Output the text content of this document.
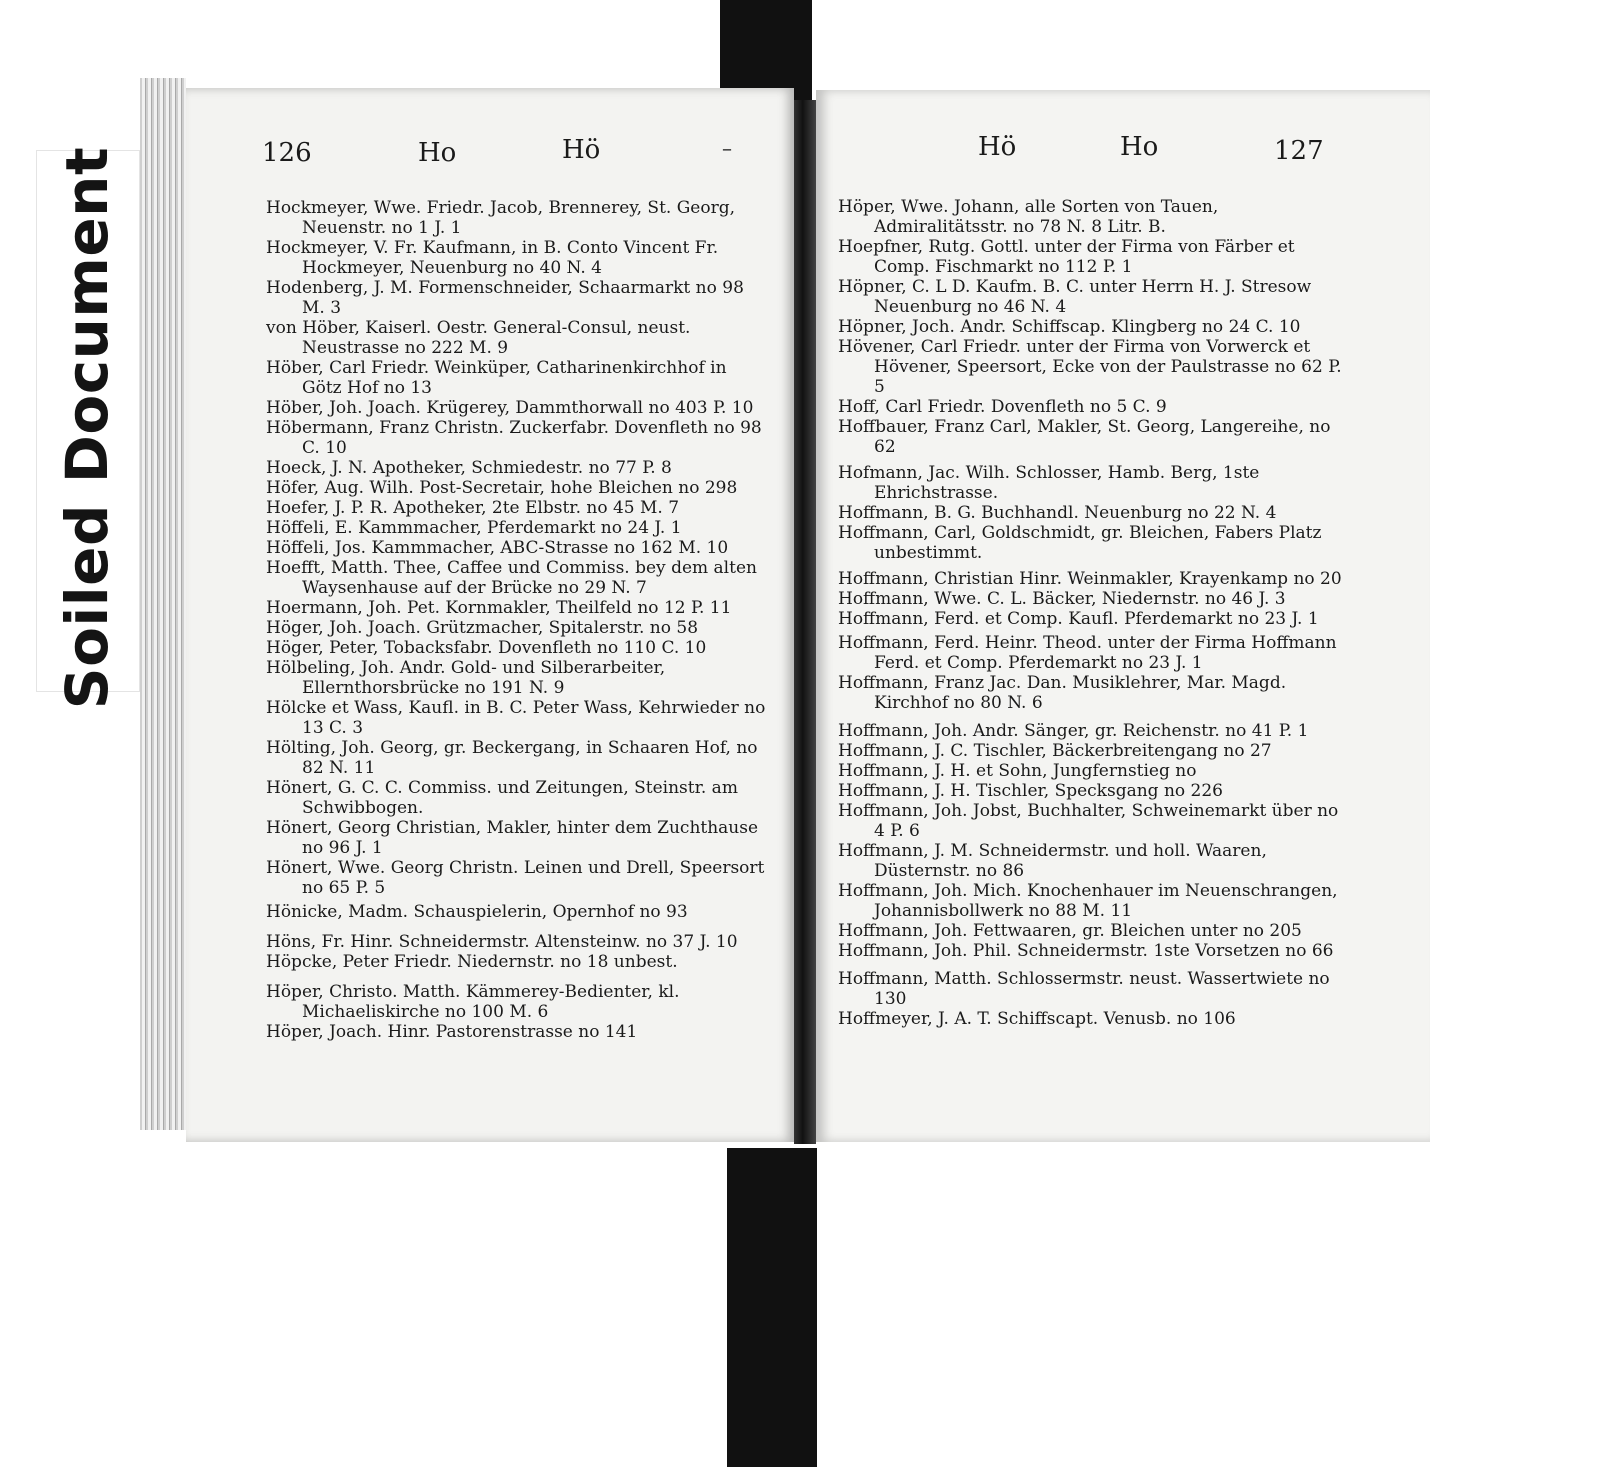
Soiled Document	126	Ho	Hö	–	Hö	Ho	127
Hockmeyer, Wwe. Friedr. Jacob, Brennerey, St. Georg, Neuenstr. no 1 J. 1
Hockmeyer, V. Fr. Kaufmann, in B. Conto Vincent Fr. Hockmeyer, Neuenburg no 40 N. 4
Hodenberg, J. M. Formenschneider, Schaarmarkt no 98 M. 3
von Höber, Kaiserl. Oestr. General-Consul, neust. Neustrasse no 222 M. 9
Höber, Carl Friedr. Weinküper, Catharinenkirchhof in Götz Hof no 13
Höber, Joh. Joach. Krügerey, Dammthorwall no 403 P. 10
Höbermann, Franz Christn. Zuckerfabr. Dovenfleth no 98 C. 10
Hoeck, J. N. Apotheker, Schmiedestr. no 77 P. 8
Höfer, Aug. Wilh. Post-Secretair, hohe Bleichen no 298
Hoefer, J. P. R. Apotheker, 2te Elbstr. no 45 M. 7
Höffeli, E. Kammmacher, Pferdemarkt no 24 J. 1
Höffeli, Jos. Kammmacher, ABC-Strasse no 162 M. 10
Hoefft, Matth. Thee, Caffee und Commiss. bey dem alten Waysenhause auf der Brücke no 29 N. 7
Hoermann, Joh. Pet. Kornmakler, Theilfeld no 12 P. 11
Höger, Joh. Joach. Grützmacher, Spitalerstr. no 58
Höger, Peter, Tobacksfabr. Dovenfleth no 110 C. 10
Hölbeling, Joh. Andr. Gold- und Silberarbeiter, Ellernthorsbrücke no 191 N. 9
Hölcke et Wass, Kaufl. in B. C. Peter Wass, Kehrwieder no 13 C. 3
Hölting, Joh. Georg, gr. Beckergang, in Schaaren Hof, no 82 N. 11
Hönert, G. C. C. Commiss. und Zeitungen, Steinstr. am Schwibbogen.
Hönert, Georg Christian, Makler, hinter dem Zuchthause no 96 J. 1
Hönert, Wwe. Georg Christn. Leinen und Drell, Speersort no 65 P. 5
Hönicke, Madm. Schauspielerin, Opernhof no 93
Höns, Fr. Hinr. Schneidermstr. Altensteinw. no 37 J. 10
Höpcke, Peter Friedr. Niedernstr. no 18 unbest.
Höper, Christo. Matth. Kämmerey-Bedienter, kl. Michaeliskirche no 100 M. 6
Höper, Joach. Hinr. Pastorenstrasse no 141
Höper, Wwe. Johann, alle Sorten von Tauen, Admiralitätsstr. no 78 N. 8 Litr. B.
Hoepfner, Rutg. Gottl. unter der Firma von Färber et Comp. Fischmarkt no 112 P. 1
Höpner, C. L D. Kaufm. B. C. unter Herrn H. J. Stresow Neuenburg no 46 N. 4
Höpner, Joch. Andr. Schiffscap. Klingberg no 24 C. 10
Hövener, Carl Friedr. unter der Firma von Vorwerck et Hövener, Speersort, Ecke von der Paulstrasse no 62 P. 5
Hoff, Carl Friedr. Dovenfleth no 5 C. 9
Hoffbauer, Franz Carl, Makler, St. Georg, Langereihe, no 62
Hofmann, Jac. Wilh. Schlosser, Hamb. Berg, 1ste Ehrichstrasse.
Hoffmann, B. G. Buchhandl. Neuenburg no 22 N. 4
Hoffmann, Carl, Goldschmidt, gr. Bleichen, Fabers Platz unbestimmt.
Hoffmann, Christian Hinr. Weinmakler, Krayenkamp no 20
Hoffmann, Wwe. C. L. Bäcker, Niedernstr. no 46 J. 3
Hoffmann, Ferd. et Comp. Kaufl. Pferdemarkt no 23 J. 1
Hoffmann, Ferd. Heinr. Theod. unter der Firma Hoffmann Ferd. et Comp. Pferdemarkt no 23 J. 1
Hoffmann, Franz Jac. Dan. Musiklehrer, Mar. Magd. Kirchhof no 80 N. 6
Hoffmann, Joh. Andr. Sänger, gr. Reichenstr. no 41 P. 1
Hoffmann, J. C. Tischler, Bäckerbreitengang no 27
Hoffmann, J. H. et Sohn, Jungfernstieg no
Hoffmann, J. H. Tischler, Specksgang no 226
Hoffmann, Joh. Jobst, Buchhalter, Schweinemarkt über no 4 P. 6
Hoffmann, J. M. Schneidermstr. und holl. Waaren, Düsternstr. no 86
Hoffmann, Joh. Mich. Knochenhauer im Neuenschrangen, Johannisbollwerk no 88 M. 11
Hoffmann, Joh. Fettwaaren, gr. Bleichen unter no 205
Hoffmann, Joh. Phil. Schneidermstr. 1ste Vorsetzen no 66
Hoffmann, Matth. Schlossermstr. neust. Wassertwiete no 130
Hoffmeyer, J. A. T. Schiffscapt. Venusb. no 106
